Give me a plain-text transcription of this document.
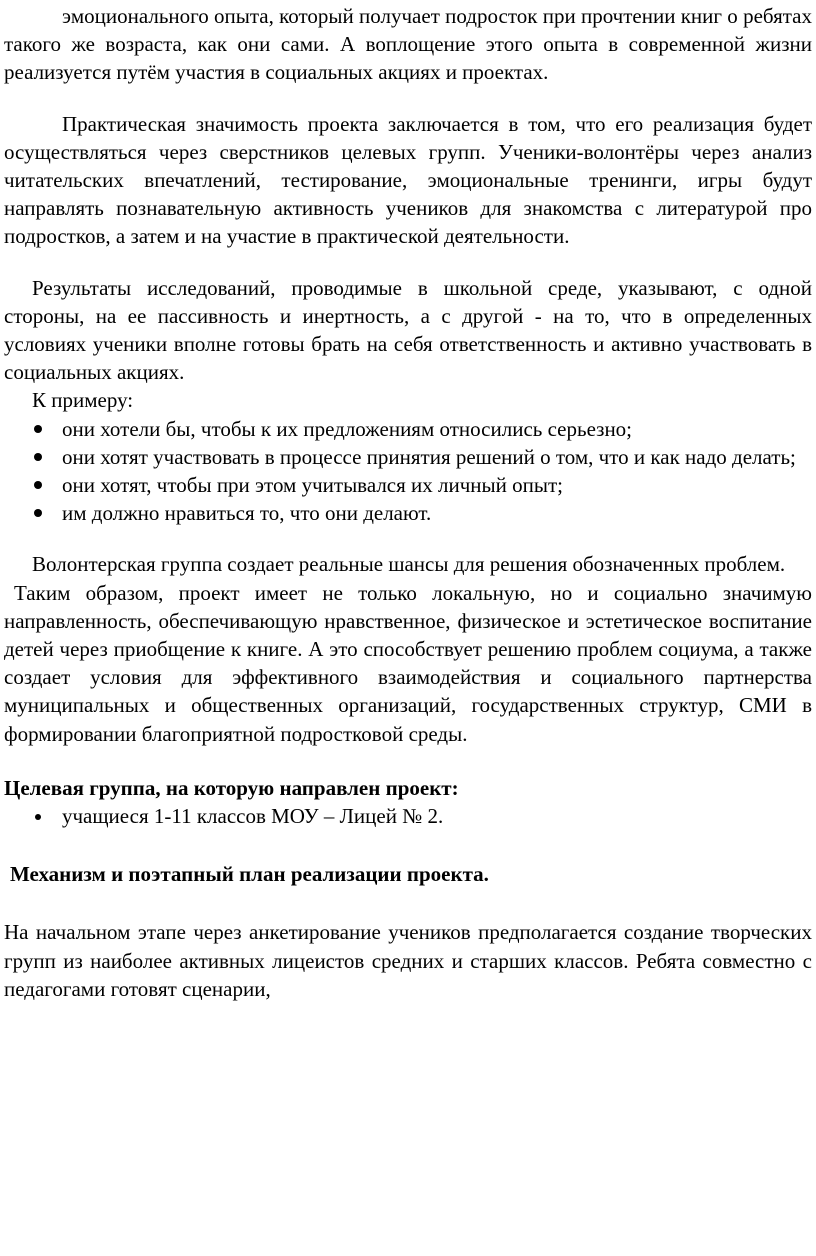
эмоционального опыта, который получает подросток при прочтении книг о ребятах такого же возраста, как они сами. А воплощение этого опыта в современной жизни реализуется путём участия в социальных акциях и проектах.

Практическая значимость проекта заключается в том, что его реализация будет осуществляться через сверстников целевых групп. Ученики-волонтёры через анализ читательских впечатлений, тестирование, эмоциональные тренинги, игры будут направлять познавательную активность учеников для знакомства с литературой про подростков, а затем и на участие в практической деятельности.

Результаты исследований, проводимые в школьной среде, указывают, с одной стороны, на ее пассивность и инертность, а с другой - на то, что в определенных условиях ученики вполне готовы брать на себя ответственность и активно участвовать в социальных акциях.

К примеру:

они хотели бы, чтобы к их предложениям относились серьезно;
они хотят участвовать в процессе принятия решений о том, что и как надо делать;
они хотят, чтобы при этом учитывался их личный опыт;
им должно нравиться то, что они делают.

Волонтерская группа создает реальные шансы для решения обозначенных проблем.

Таким образом, проект имеет не только локальную, но и социально значимую направленность, обеспечивающую нравственное, физическое и эстетическое воспитание детей через приобщение к книге. А это способствует решению проблем социума, а также создает условия для эффективного взаимодействия и социального партнерства муниципальных и общественных организаций, государственных структур, СМИ в формировании благоприятной подростковой среды.

Целевая группа, на которую направлен проект:

учащиеся 1-11 классов МОУ – Лицей № 2.

Механизм и поэтапный план реализации проекта.

На начальном этапе через анкетирование учеников предполагается создание творческих групп из наиболее активных лицеистов средних и старших классов. Ребята совместно с педагогами готовят сценарии,
